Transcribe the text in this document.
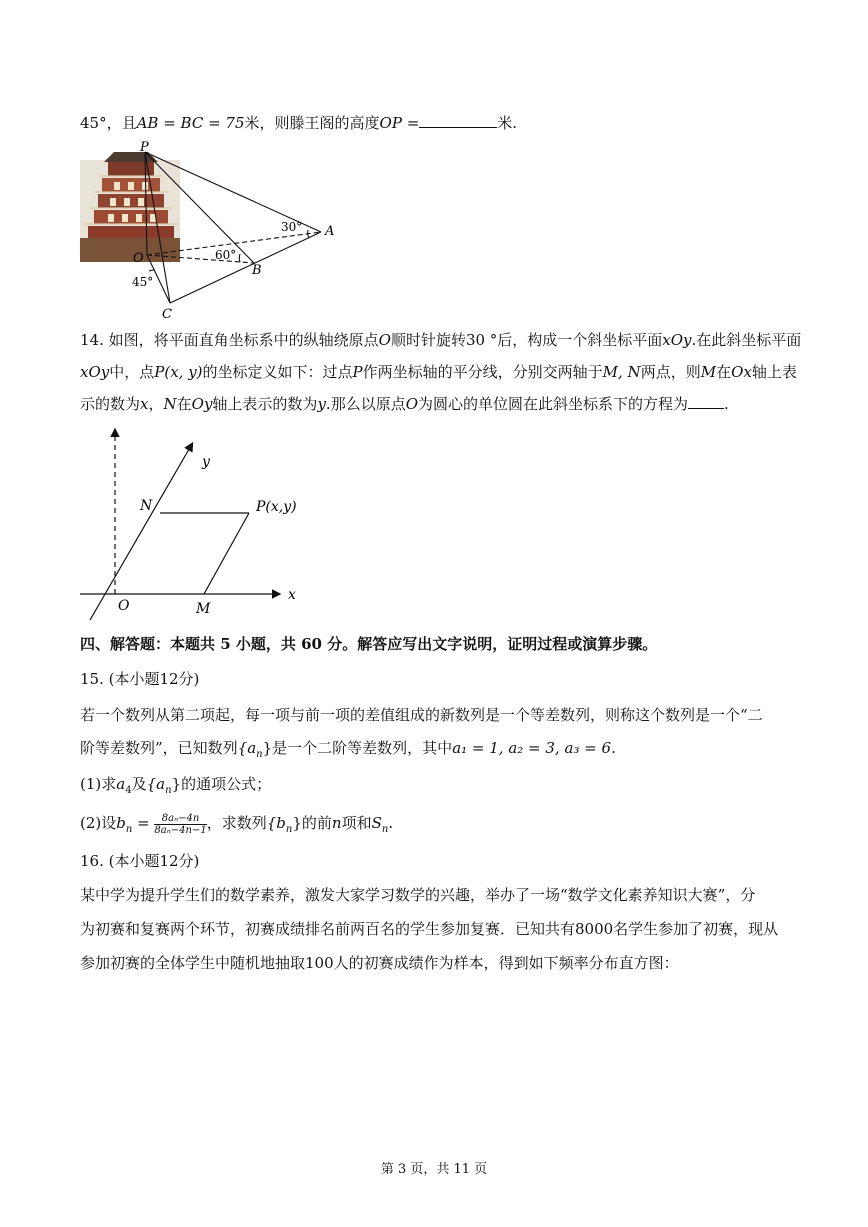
45°，且AB = BC = 75米，则滕王阁的高度OP =	米.
P
O
A
B
C
30°
60°
45°
14. 如图，将平面直角坐标系中的纵轴绕原点O顺时针旋转30 °后，构成一个斜坐标平面xOy.在此斜坐标平面
xOy中，点P(x, y)的坐标定义如下：过点P作两坐标轴的平分线，分别交两轴于M, N两点，则M在Ox轴上表
示的数为x，N在Oy轴上表示的数为y.那么以原点O为圆心的单位圆在此斜坐标系下的方程为 .
y
x
N	P(x,y)
O	M
四、解答题：本题共 5 小题，共 60 分。解答应写出文字说明，证明过程或演算步骤。
15. (本小题12分)
若一个数列从第二项起，每一项与前一项的差值组成的新数列是一个等差数列，则称这个数列是一个“二
阶等差数列”，已知数列$\{a_n\}$是一个二阶等差数列，其中a₁ = 1, a₂ = 3, a₃ = 6.
(1)求$a_4$及$\{a_n\}$的通项公式；
(2)设$b_n = \frac{\text{8aₙ−4n}}{\text{8aₙ−4n−1}}$ ，求数列$\{b_n\}$的前n项和$S_n$.
16. (本小题12分)
某中学为提升学生们的数学素养，激发大家学习数学的兴趣，举办了一场“数学文化素养知识大赛”，分
为初赛和复赛两个环节，初赛成绩排名前两百名的学生参加复赛．已知共有8000名学生参加了初赛，现从
参加初赛的全体学生中随机地抽取100人的初赛成绩作为样本，得到如下频率分布直方图：
第 3 页，共 11 页
